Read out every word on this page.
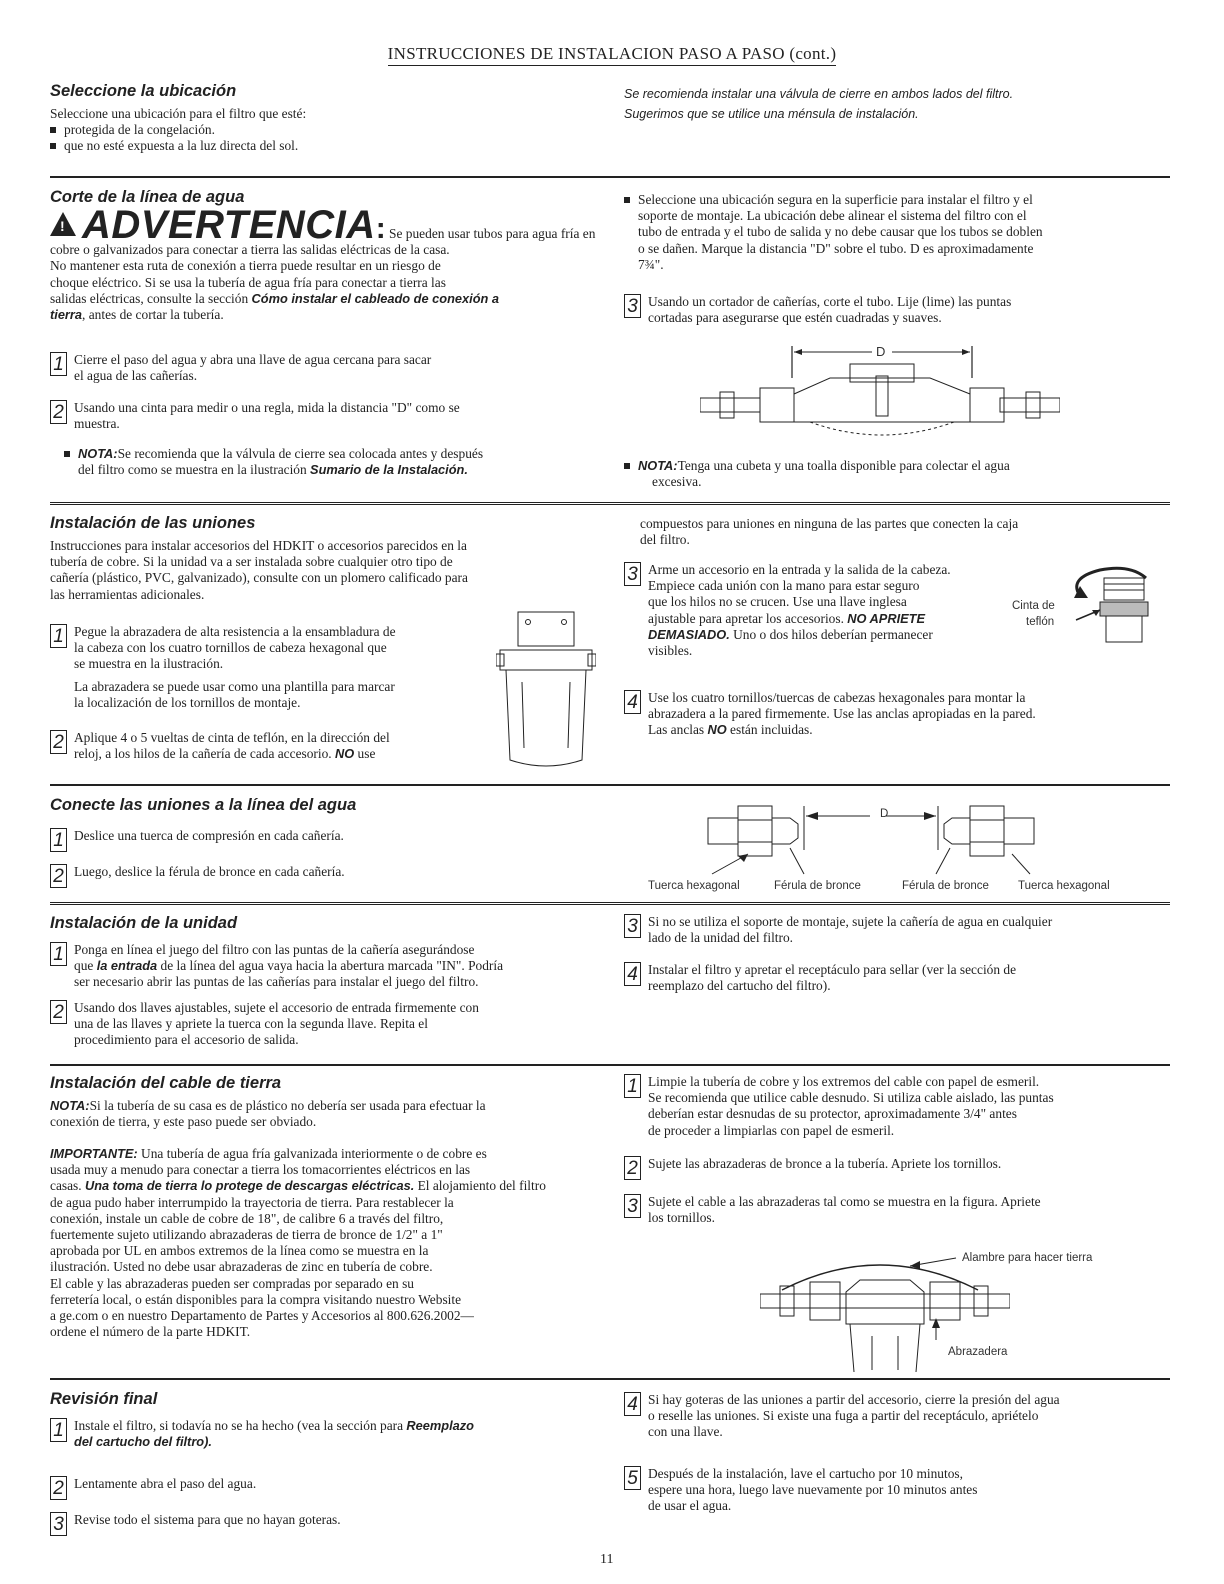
INSTRUCCIONES DE INSTALACION PASO A PASO (cont.)
Seleccione la ubicación
Seleccione una ubicación para el filtro que esté:
protegida de la congelación.
que no esté expuesta a la luz directa del sol.
Se recomienda instalar una válvula de cierre en ambos lados del filtro.
Sugerimos que se utilice una ménsula de instalación.
Corte de la línea de agua
!ADVERTENCIA: Se pueden usar tubos para agua fría en
cobre o galvanizados para conectar a tierra las salidas eléctricas de la casa.
No mantener esta ruta de conexión a tierra puede resultar en un riesgo de
choque eléctrico. Si se usa la tubería de agua fría para conectar a tierra las
salidas eléctricas, consulte la sección Cómo instalar el cableado de conexión a
tierra, antes de cortar la tubería.
1 Cierre el paso del agua y abra una llave de agua cercana para sacar
el agua de las cañerías.
2 Usando una cinta para medir o una regla, mida la distancia "D" como se
muestra.
NOTA:Se recomienda que la válvula de cierre sea colocada antes y después
del filtro como se muestra en la ilustración Sumario de la Instalación.
Seleccione una ubicación segura en la superficie para instalar el filtro y el
soporte de montaje. La ubicación debe alinear el sistema del filtro con el
tubo de entrada y el tubo de salida y no debe causar que los tubos se doblen
o se dañen. Marque la distancia "D" sobre el tubo. D es aproximadamente
7¾".
3 Usando un cortador de cañerías, corte el tubo. Lije (lime) las puntas
cortadas para asegurarse que estén cuadradas y suaves.
D
NOTA:Tenga una cubeta y una toalla disponible para colectar el agua
excesiva.
Instalación de las uniones
Instrucciones para instalar accesorios del HDKIT o accesorios parecidos en la
tubería de cobre. Si la unidad va a ser instalada sobre cualquier otro tipo de
cañería (plástico, PVC, galvanizado), consulte con un plomero calificado para
las herramientas adicionales.
1 Pegue la abrazadera de alta resistencia a la ensambladura de
la cabeza con los cuatro tornillos de cabeza hexagonal que
se muestra en la ilustración.
La abrazadera se puede usar como una plantilla para marcar
la localización de los tornillos de montaje.
2 Aplique 4 o 5 vueltas de cinta de teflón, en la dirección del
reloj, a los hilos de la cañería de cada accesorio. NO use
compuestos para uniones en ninguna de las partes que conecten la caja
del filtro.
3 Arme un accesorio en la entrada y la salida de la cabeza.
Empiece cada unión con la mano para estar seguro
que los hilos no se crucen. Use una llave inglesa
ajustable para apretar los accesorios. NO APRIETE
DEMASIADO. Uno o dos hilos deberían permanecer
visibles.
Cinta de
teflón
4 Use los cuatro tornillos/tuercas de cabezas hexagonales para montar la
abrazadera a la pared firmemente. Use las anclas apropiadas en la pared.
Las anclas NO están incluidas.
Conecte las uniones a la línea del agua
1 Deslice una tuerca de compresión en cada cañería.
2 Luego, deslice la férula de bronce en cada cañería.
D
Tuerca hexagonal	Férula de bronce	Férula de bronce	Tuerca hexagonal
Instalación de la unidad
1 Ponga en línea el juego del filtro con las puntas de la cañería asegurándose
que la entrada de la línea del agua vaya hacia la abertura marcada "IN". Podría
ser necesario abrir las puntas de las cañerías para instalar el juego del filtro.
2 Usando dos llaves ajustables, sujete el accesorio de entrada firmemente con
una de las llaves y apriete la tuerca con la segunda llave. Repita el
procedimiento para el accesorio de salida.
3 Si no se utiliza el soporte de montaje, sujete la cañería de agua en cualquier
lado de la unidad del filtro.
4 Instalar el filtro y apretar el receptáculo para sellar (ver la sección de
reemplazo del cartucho del filtro).
Instalación del cable de tierra
NOTA:Si la tubería de su casa es de plástico no debería ser usada para efectuar la
conexión de tierra, y este paso puede ser obviado.
IMPORTANTE: Una tubería de agua fría galvanizada interiormente o de cobre es
usada muy a menudo para conectar a tierra los tomacorrientes eléctricos en las
casas. Una toma de tierra lo protege de descargas eléctricas. El alojamiento del filtro
de agua pudo haber interrumpido la trayectoria de tierra. Para restablecer la
conexión, instale un cable de cobre de 18", de calibre 6 a través del filtro,
fuertemente sujeto utilizando abrazaderas de tierra de bronce de 1/2" a 1"
aprobada por UL en ambos extremos de la línea como se muestra en la
ilustración. Usted no debe usar abrazaderas de zinc en tubería de cobre.
El cable y las abrazaderas pueden ser compradas por separado en su
ferretería local, o están disponibles para la compra visitando nuestro Website
a ge.com o en nuestro Departamento de Partes y Accesorios al 800.626.2002—
ordene el número de la parte HDKIT.
1 Limpie la tubería de cobre y los extremos del cable con papel de esmeril.
Se recomienda que utilice cable desnudo. Si utiliza cable aislado, las puntas
deberían estar desnudas de su protector, aproximadamente 3/4" antes
de proceder a limpiarlas con papel de esmeril.
2 Sujete las abrazaderas de bronce a la tubería. Apriete los tornillos.
3 Sujete el cable a las abrazaderas tal como se muestra en la figura. Apriete
los tornillos.
Alambre para hacer tierra
Abrazadera
Revisión final
1 Instale el filtro, si todavía no se ha hecho (vea la sección para Reemplazo
del cartucho del filtro).
2 Lentamente abra el paso del agua.
3 Revise todo el sistema para que no hayan goteras.
4 Si hay goteras de las uniones a partir del accesorio, cierre la presión del agua
o reselle las uniones. Si existe una fuga a partir del receptáculo, apriételo
con una llave.
5 Después de la instalación, lave el cartucho por 10 minutos,
espere una hora, luego lave nuevamente por 10 minutos antes
de usar el agua.
11
